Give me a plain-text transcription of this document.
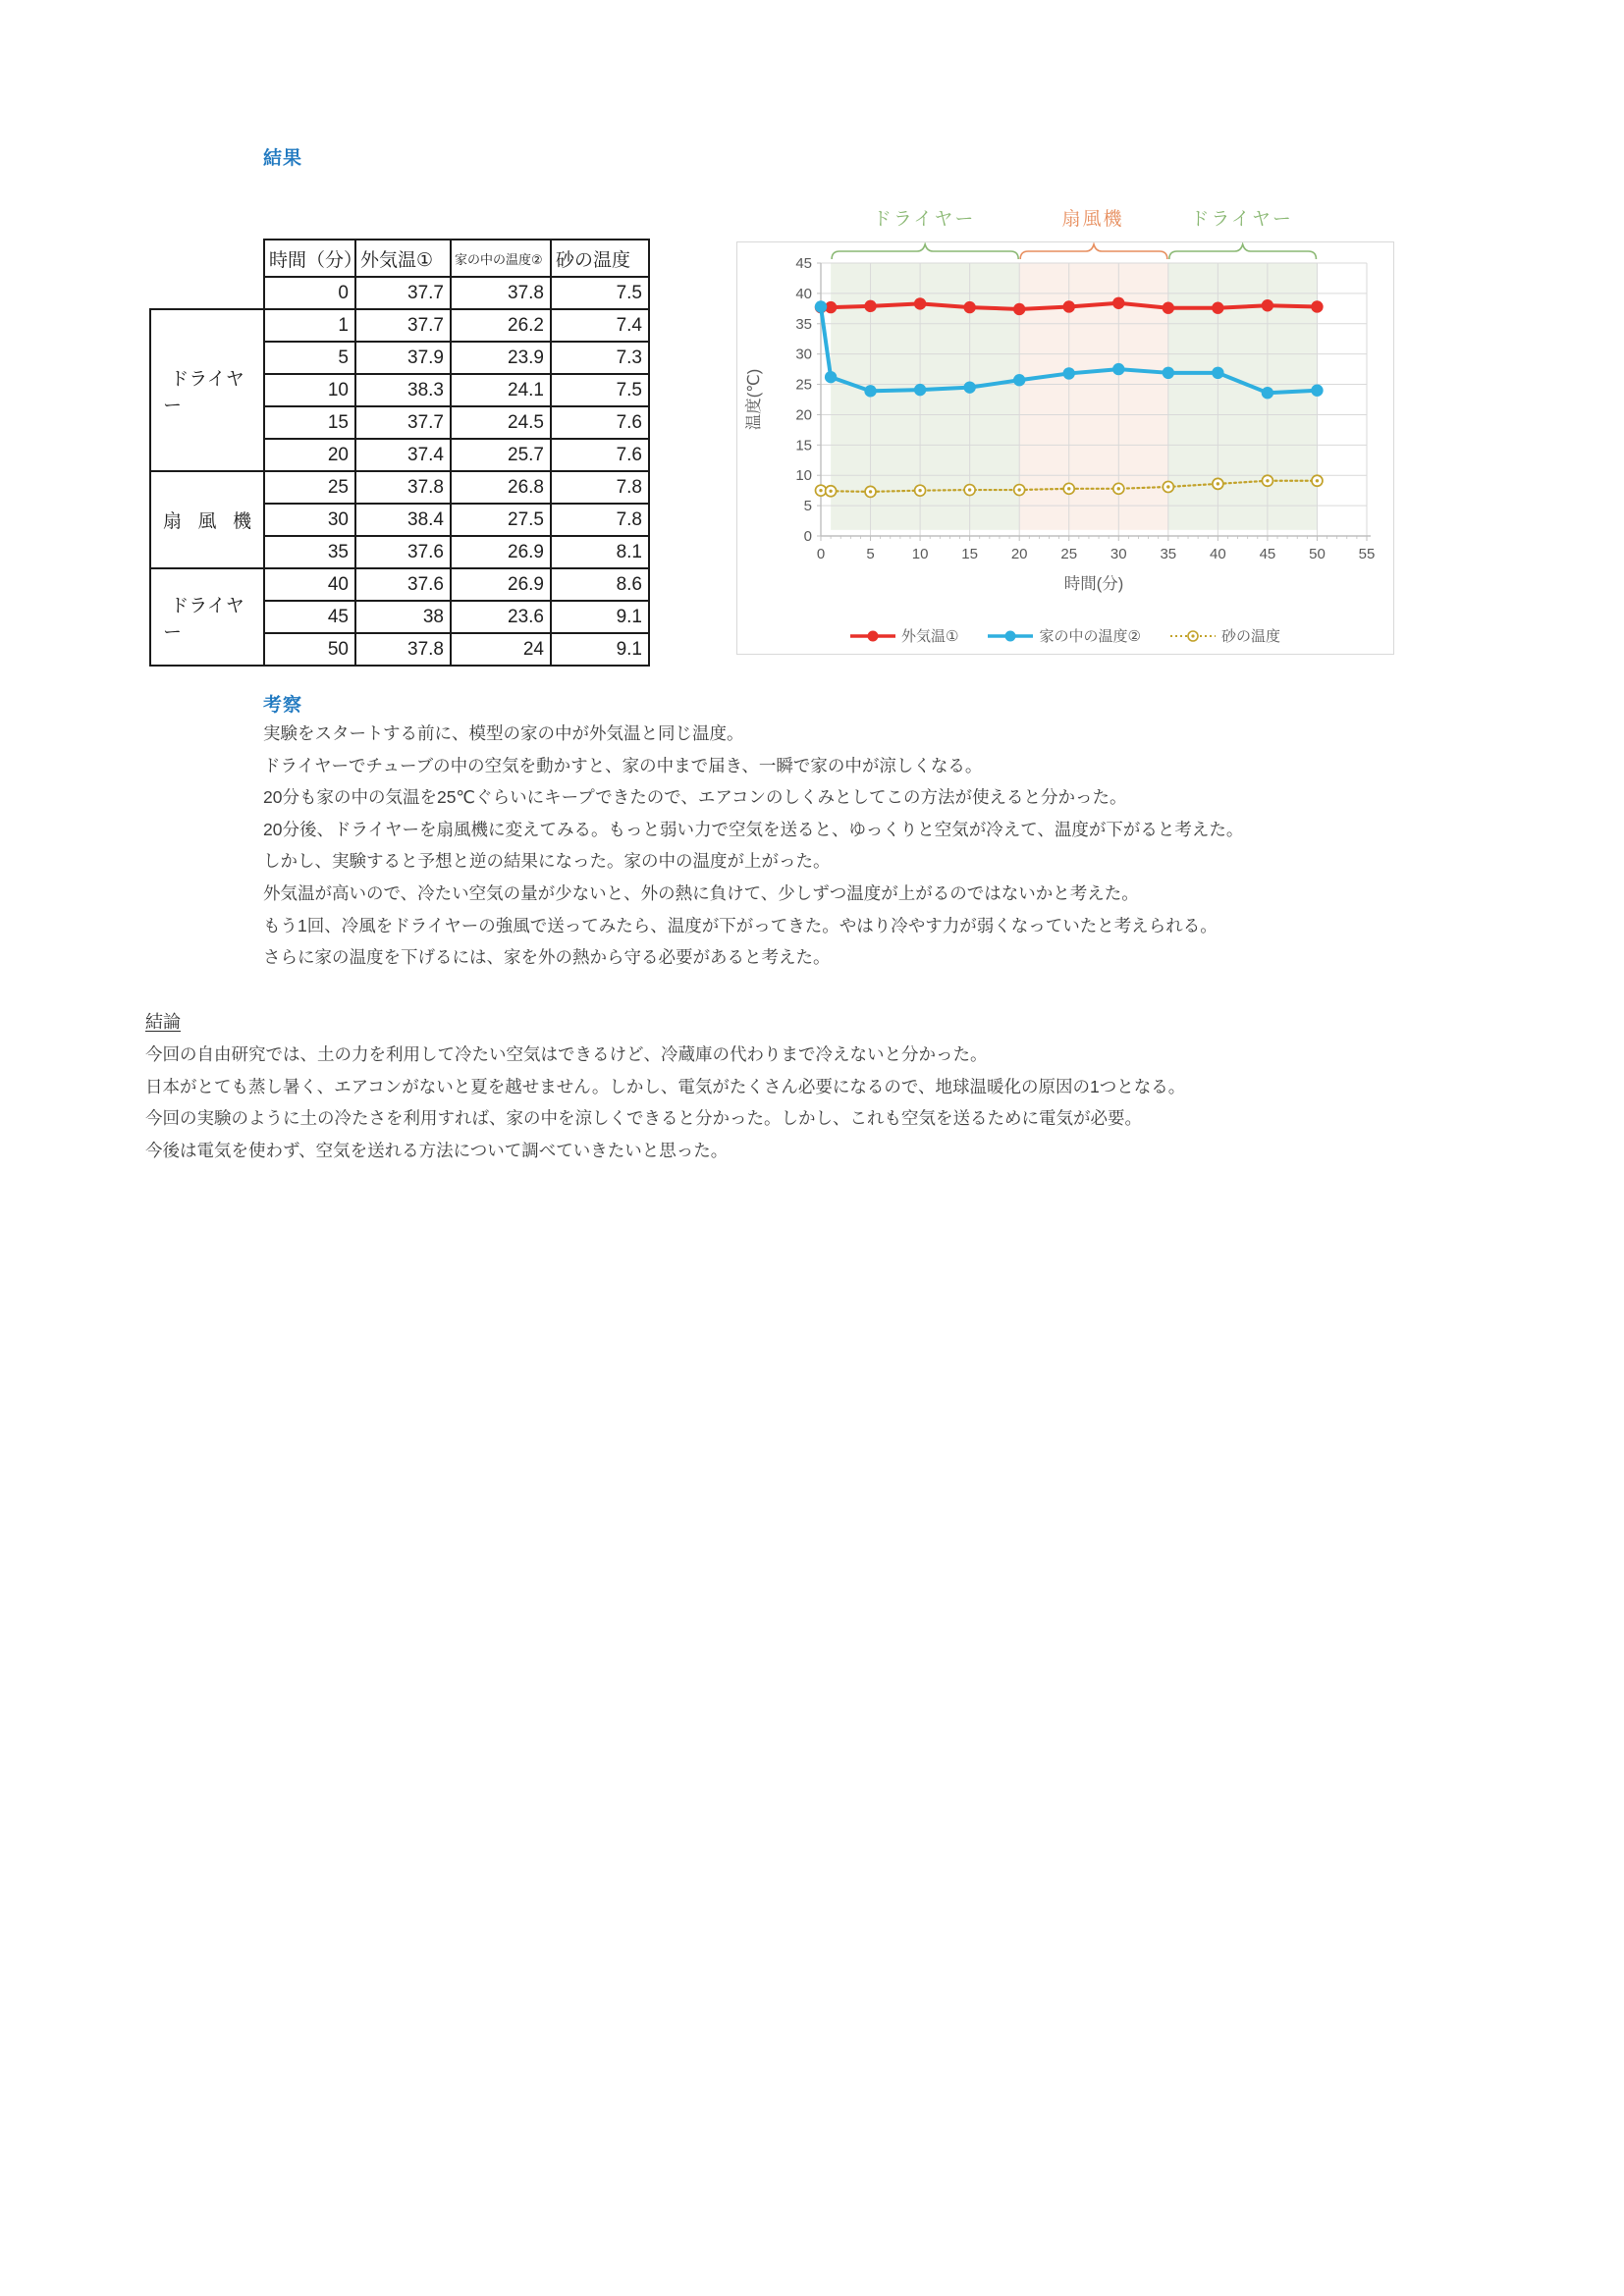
結果
	時間（分）	外気温①	家の中の温度②	砂の温度
	0	37.7	37.8	7.5

ドライヤー	1	37.7	26.2	7.4
	5	37.9	23.9	7.3
	10	38.3	24.1	7.5
	15	37.7	24.5	7.6
	20	37.4	25.7	7.6

扇風機	25	37.8	26.8	7.8
	30	38.4	27.5	7.8
	35	37.6	26.9	8.1

ドライヤー	40	37.6	26.9	8.6
	45	38	23.6	9.1
	50	37.8	24	9.1
ドライヤー	扇風機	ドライヤー
0
5
10
15
20
25
30
35
40
45
0	5	10 15 20 25 30 35 40 45 50 55
時間(分)
温度(℃)
外気温①	家の中の温度②	砂の温度
考察

実験をスタートする前に、模型の家の中が外気温と同じ温度。

ドライヤーでチューブの中の空気を動かすと、家の中まで届き、一瞬で家の中が涼しくなる。

20分も家の中の気温を25℃ぐらいにキープできたので、エアコンのしくみとしてこの方法が使えると分かった。

20分後、ドライヤーを扇風機に変えてみる。もっと弱い力で空気を送ると、ゆっくりと空気が冷えて、温度が下がると考えた。

しかし、実験すると予想と逆の結果になった。家の中の温度が上がった。

外気温が高いので、冷たい空気の量が少ないと、外の熱に負けて、少しずつ温度が上がるのではないかと考えた。

もう1回、冷風をドライヤーの強風で送ってみたら、温度が下がってきた。やはり冷やす力が弱くなっていたと考えられる。

さらに家の温度を下げるには、家を外の熱から守る必要があると考えた。

結論

今回の自由研究では、土の力を利用して冷たい空気はできるけど、冷蔵庫の代わりまで冷えないと分かった。

日本がとても蒸し暑く、エアコンがないと夏を越せません。しかし、電気がたくさん必要になるので、地球温暖化の原因の1つとなる。

今回の実験のように土の冷たさを利用すれば、家の中を涼しくできると分かった。しかし、これも空気を送るために電気が必要。

今後は電気を使わず、空気を送れる方法について調べていきたいと思った。
